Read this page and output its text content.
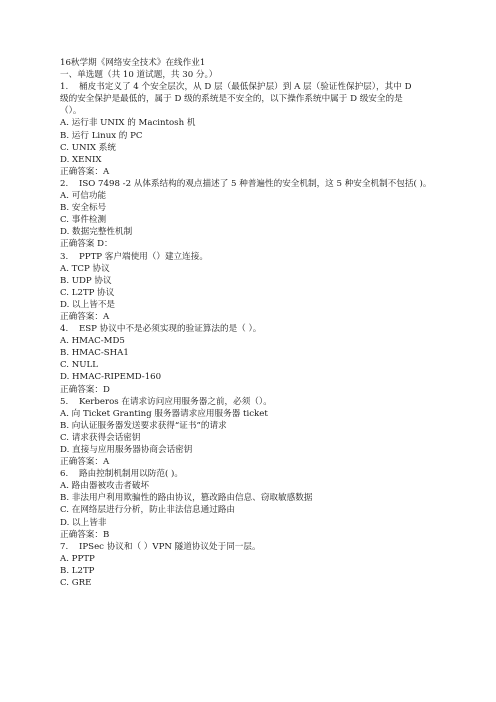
16秋学期《网络安全技术》在线作业1
一、单选题（共 10 道试题，共 30 分。）
1. 桶皮书定义了 4 个安全层次，从 D 层（最低保护层）到 A 层（验证性保护层），其中 D
级的安全保护是最低的，属于 D 级的系统是不安全的，以下操作系统中属于 D 级安全的是
（）。
A. 运行非 UNIX 的 Macintosh 机
B. 运行 Linux 的 PC
C. UNIX 系统
D. XENIX
正确答案：A
2. ISO 7498 -2 从体系结构的观点描述了 5 种普遍性的安全机制，这 5 种安全机制不包括( )。
A. 可信功能
B. 安全标号
C. 事件检测
D. 数据完整性机制
正确答案 D：
3. PPTP 客户端使用（）建立连接。
A. TCP 协议
B. UDP 协议
C. L2TP 协议
D. 以上皆不是
正确答案：A
4. ESP 协议中不是必须实现的验证算法的是（ ）。
A. HMAC-MD5
B. HMAC-SHA1
C. NULL
D. HMAC-RIPEMD-160
正确答案：D
5. Kerberos 在请求访问应用服务器之前，必须（）。
A. 向 Ticket Granting 服务器请求应用服务器 ticket
B. 向认证服务器发送要求获得“证书”的请求
C. 请求获得会话密钥
D. 直接与应用服务器协商会话密钥
正确答案：A
6. 路由控制机制用以防范( )。
A. 路由器被攻击者破坏
B. 非法用户利用欺骗性的路由协议，篡改路由信息、窃取敏感数据
C. 在网络层进行分析，防止非法信息通过路由
D. 以上皆非
正确答案：B
7. IPSec 协议和（ ）VPN 隧道协议处于同一层。
A. PPTP
B. L2TP
C. GRE
